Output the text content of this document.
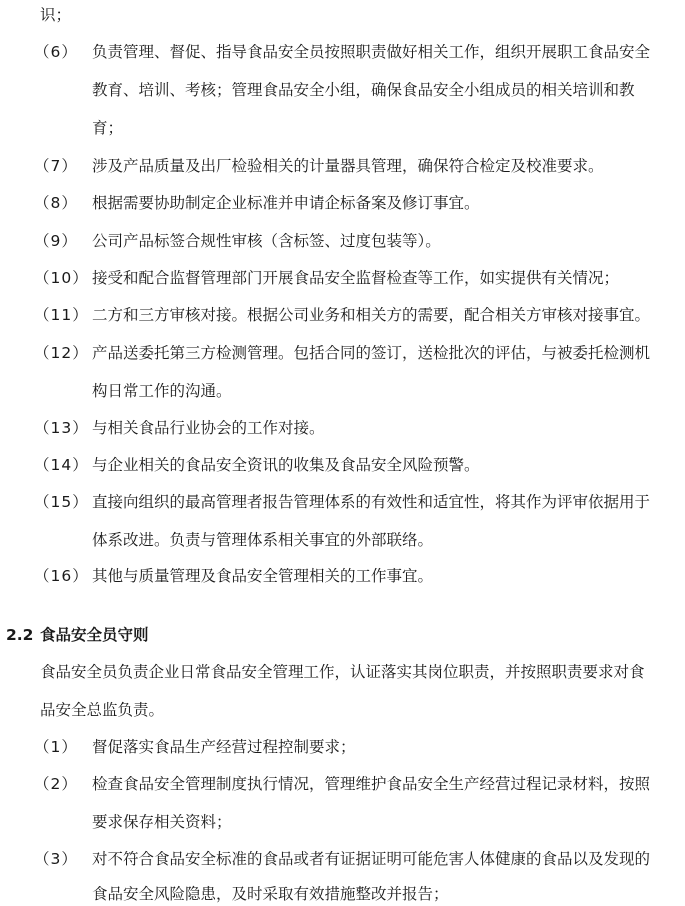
识；
（6） 负责管理、督促、指导食品安全员按照职责做好相关工作，组织开展职工食品安全
教育、培训、考核；管理食品安全小组，确保食品安全小组成员的相关培训和教
育；
（7） 涉及产品质量及出厂检验相关的计量器具管理，确保符合检定及校准要求。
（8） 根据需要协助制定企业标准并申请企标备案及修订事宜。
（9） 公司产品标签合规性审核（含标签、过度包装等）。
（10） 接受和配合监督管理部门开展食品安全监督检查等工作，如实提供有关情况；
（11） 二方和三方审核对接。根据公司业务和相关方的需要，配合相关方审核对接事宜。
（12） 产品送委托第三方检测管理。包括合同的签订，送检批次的评估，与被委托检测机
构日常工作的沟通。
（13） 与相关食品行业协会的工作对接。
（14） 与企业相关的食品安全资讯的收集及食品安全风险预警。
（15） 直接向组织的最高管理者报告管理体系的有效性和适宜性，将其作为评审依据用于
体系改进。负责与管理体系相关事宜的外部联络。
（16） 其他与质量管理及食品安全管理相关的工作事宜。
2.2 食品安全员守则
食品安全员负责企业日常食品安全管理工作，认证落实其岗位职责，并按照职责要求对食
品安全总监负责。
（1） 督促落实食品生产经营过程控制要求；
（2） 检查食品安全管理制度执行情况，管理维护食品安全生产经营过程记录材料，按照
要求保存相关资料；
（3） 对不符合食品安全标准的食品或者有证据证明可能危害人体健康的食品以及发现的
食品安全风险隐患，及时采取有效措施整改并报告；
